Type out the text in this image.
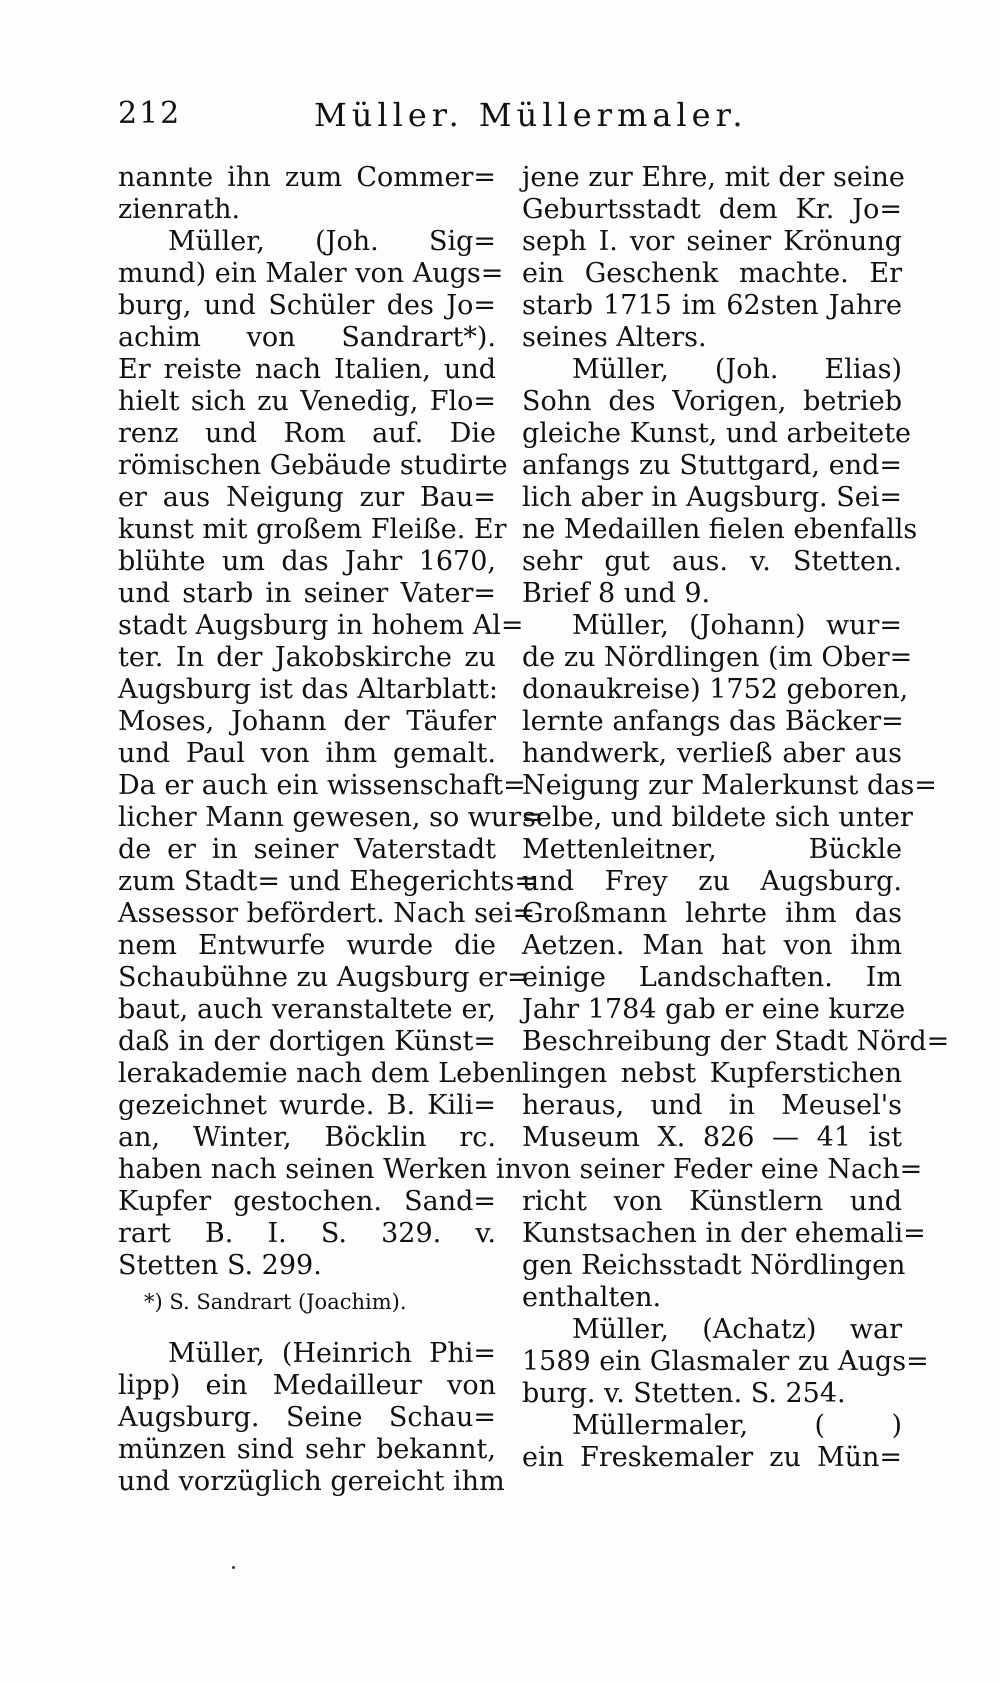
212	Müller. Müllermaler.
nannte ihn zum Commer=
zienrath.
Müller, (Joh. Sig=
mund) ein Maler von Augs=
burg, und Schüler des Jo=
achim von Sandrart*).
Er reiste nach Italien, und
hielt sich zu Venedig, Flo=
renz und Rom auf. Die
römischen Gebäude studirte
er aus Neigung zur Bau=
kunst mit großem Fleiße. Er
blühte um das Jahr 1670,
und starb in seiner Vater=
stadt Augsburg in hohem Al=
ter. In der Jakobskirche zu
Augsburg ist das Altarblatt:
Moses, Johann der Täufer
und Paul von ihm gemalt.
Da er auch ein wissenschaft=
licher Mann gewesen, so wur=
de er in seiner Vaterstadt
zum Stadt= und Ehegerichts=
Assessor befördert. Nach sei=
nem Entwurfe wurde die
Schaubühne zu Augsburg er=
baut, auch veranstaltete er,
daß in der dortigen Künst=
lerakademie nach dem Leben
gezeichnet wurde. B. Kili=
an, Winter, Böcklin rc.
haben nach seinen Werken in
Kupfer gestochen. Sand=
rart B. I. S. 329. v.
Stetten S. 299.
*) S. Sandrart (Joachim).
Müller, (Heinrich Phi=
lipp) ein Medailleur von
Augsburg. Seine Schau=
münzen sind sehr bekannt,
und vorzüglich gereicht ihm
jene zur Ehre, mit der seine
Geburtsstadt dem Kr. Jo=
seph I. vor seiner Krönung
ein Geschenk machte. Er
starb 1715 im 62sten Jahre
seines Alters.
Müller, (Joh. Elias)
Sohn des Vorigen, betrieb
gleiche Kunst, und arbeitete
anfangs zu Stuttgard, end=
lich aber in Augsburg. Sei=
ne Medaillen fielen ebenfalls
sehr gut aus. v. Stetten.
Brief 8 und 9.
Müller, (Johann) wur=
de zu Nördlingen (im Ober=
donaukreise) 1752 geboren,
lernte anfangs das Bäcker=
handwerk, verließ aber aus
Neigung zur Malerkunst das=
selbe, und bildete sich unter
Mettenleitner, Bückle
und Frey zu Augsburg.
Großmann lehrte ihm das
Aetzen. Man hat von ihm
einige Landschaften. Im
Jahr 1784 gab er eine kurze
Beschreibung der Stadt Nörd=
lingen nebst Kupferstichen
heraus, und in Meusel's
Museum X. 826 — 41 ist
von seiner Feder eine Nach=
richt von Künstlern und
Kunstsachen in der ehemali=
gen Reichsstadt Nördlingen
enthalten.
Müller, (Achatz) war
1589 ein Glasmaler zu Augs=
burg. v. Stetten. S. 254.
Müllermaler, ( )
ein Freskemaler zu Mün=
